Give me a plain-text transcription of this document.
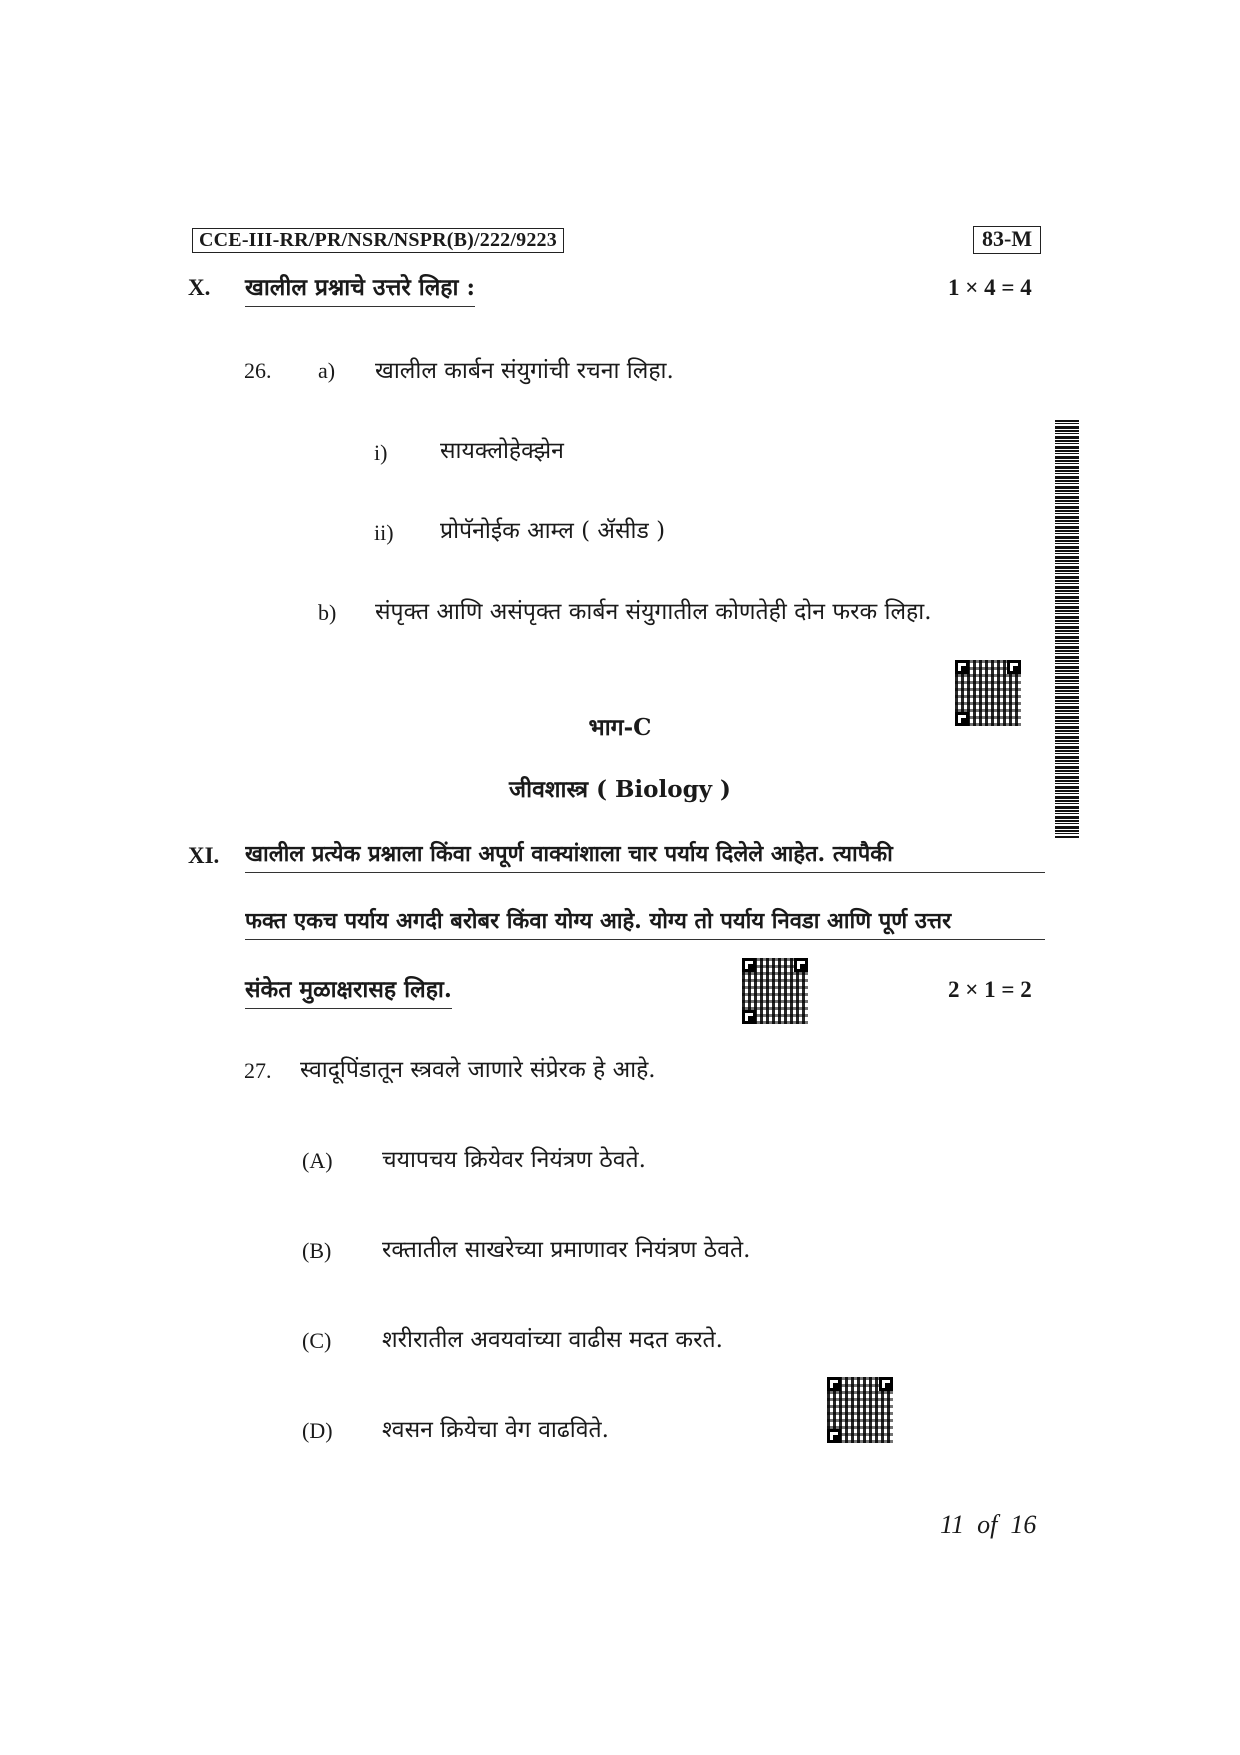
CCE-III-RR/PR/NSR/NSPR(B)/222/9223	83-M
X. खालील प्रश्नाचे उत्तरे लिहा :	1 × 4 = 4
26. a) खालील कार्बन संयुगांची रचना लिहा.
i) सायक्लोहेक्झेन
ii) प्रोपॅनोईक आम्ल ( ॲसीड )
b) संपृक्त आणि असंपृक्त कार्बन संयुगातील कोणतेही दोन फरक लिहा.
भाग-C
जीवशास्त्र ( Biology )
XI. खालील प्रत्येक प्रश्नाला किंवा अपूर्ण वाक्यांशाला चार पर्याय दिलेले आहेत. त्यापैकी
फक्त एकच पर्याय अगदी बरोबर किंवा योग्य आहे. योग्य तो पर्याय निवडा आणि पूर्ण उत्तर
संकेत मुळाक्षरासह लिहा.	2 × 1 = 2
27. स्वादूपिंडातून स्त्रवले जाणारे संप्रेरक हे आहे.
(A) चयापचय क्रियेवर नियंत्रण ठेवते.
(B) रक्तातील साखरेच्या प्रमाणावर नियंत्रण ठेवते.
(C) शरीरातील अवयवांच्या वाढीस मदत करते.
(D) श्वसन क्रियेचा वेग वाढविते.
11 of 16
